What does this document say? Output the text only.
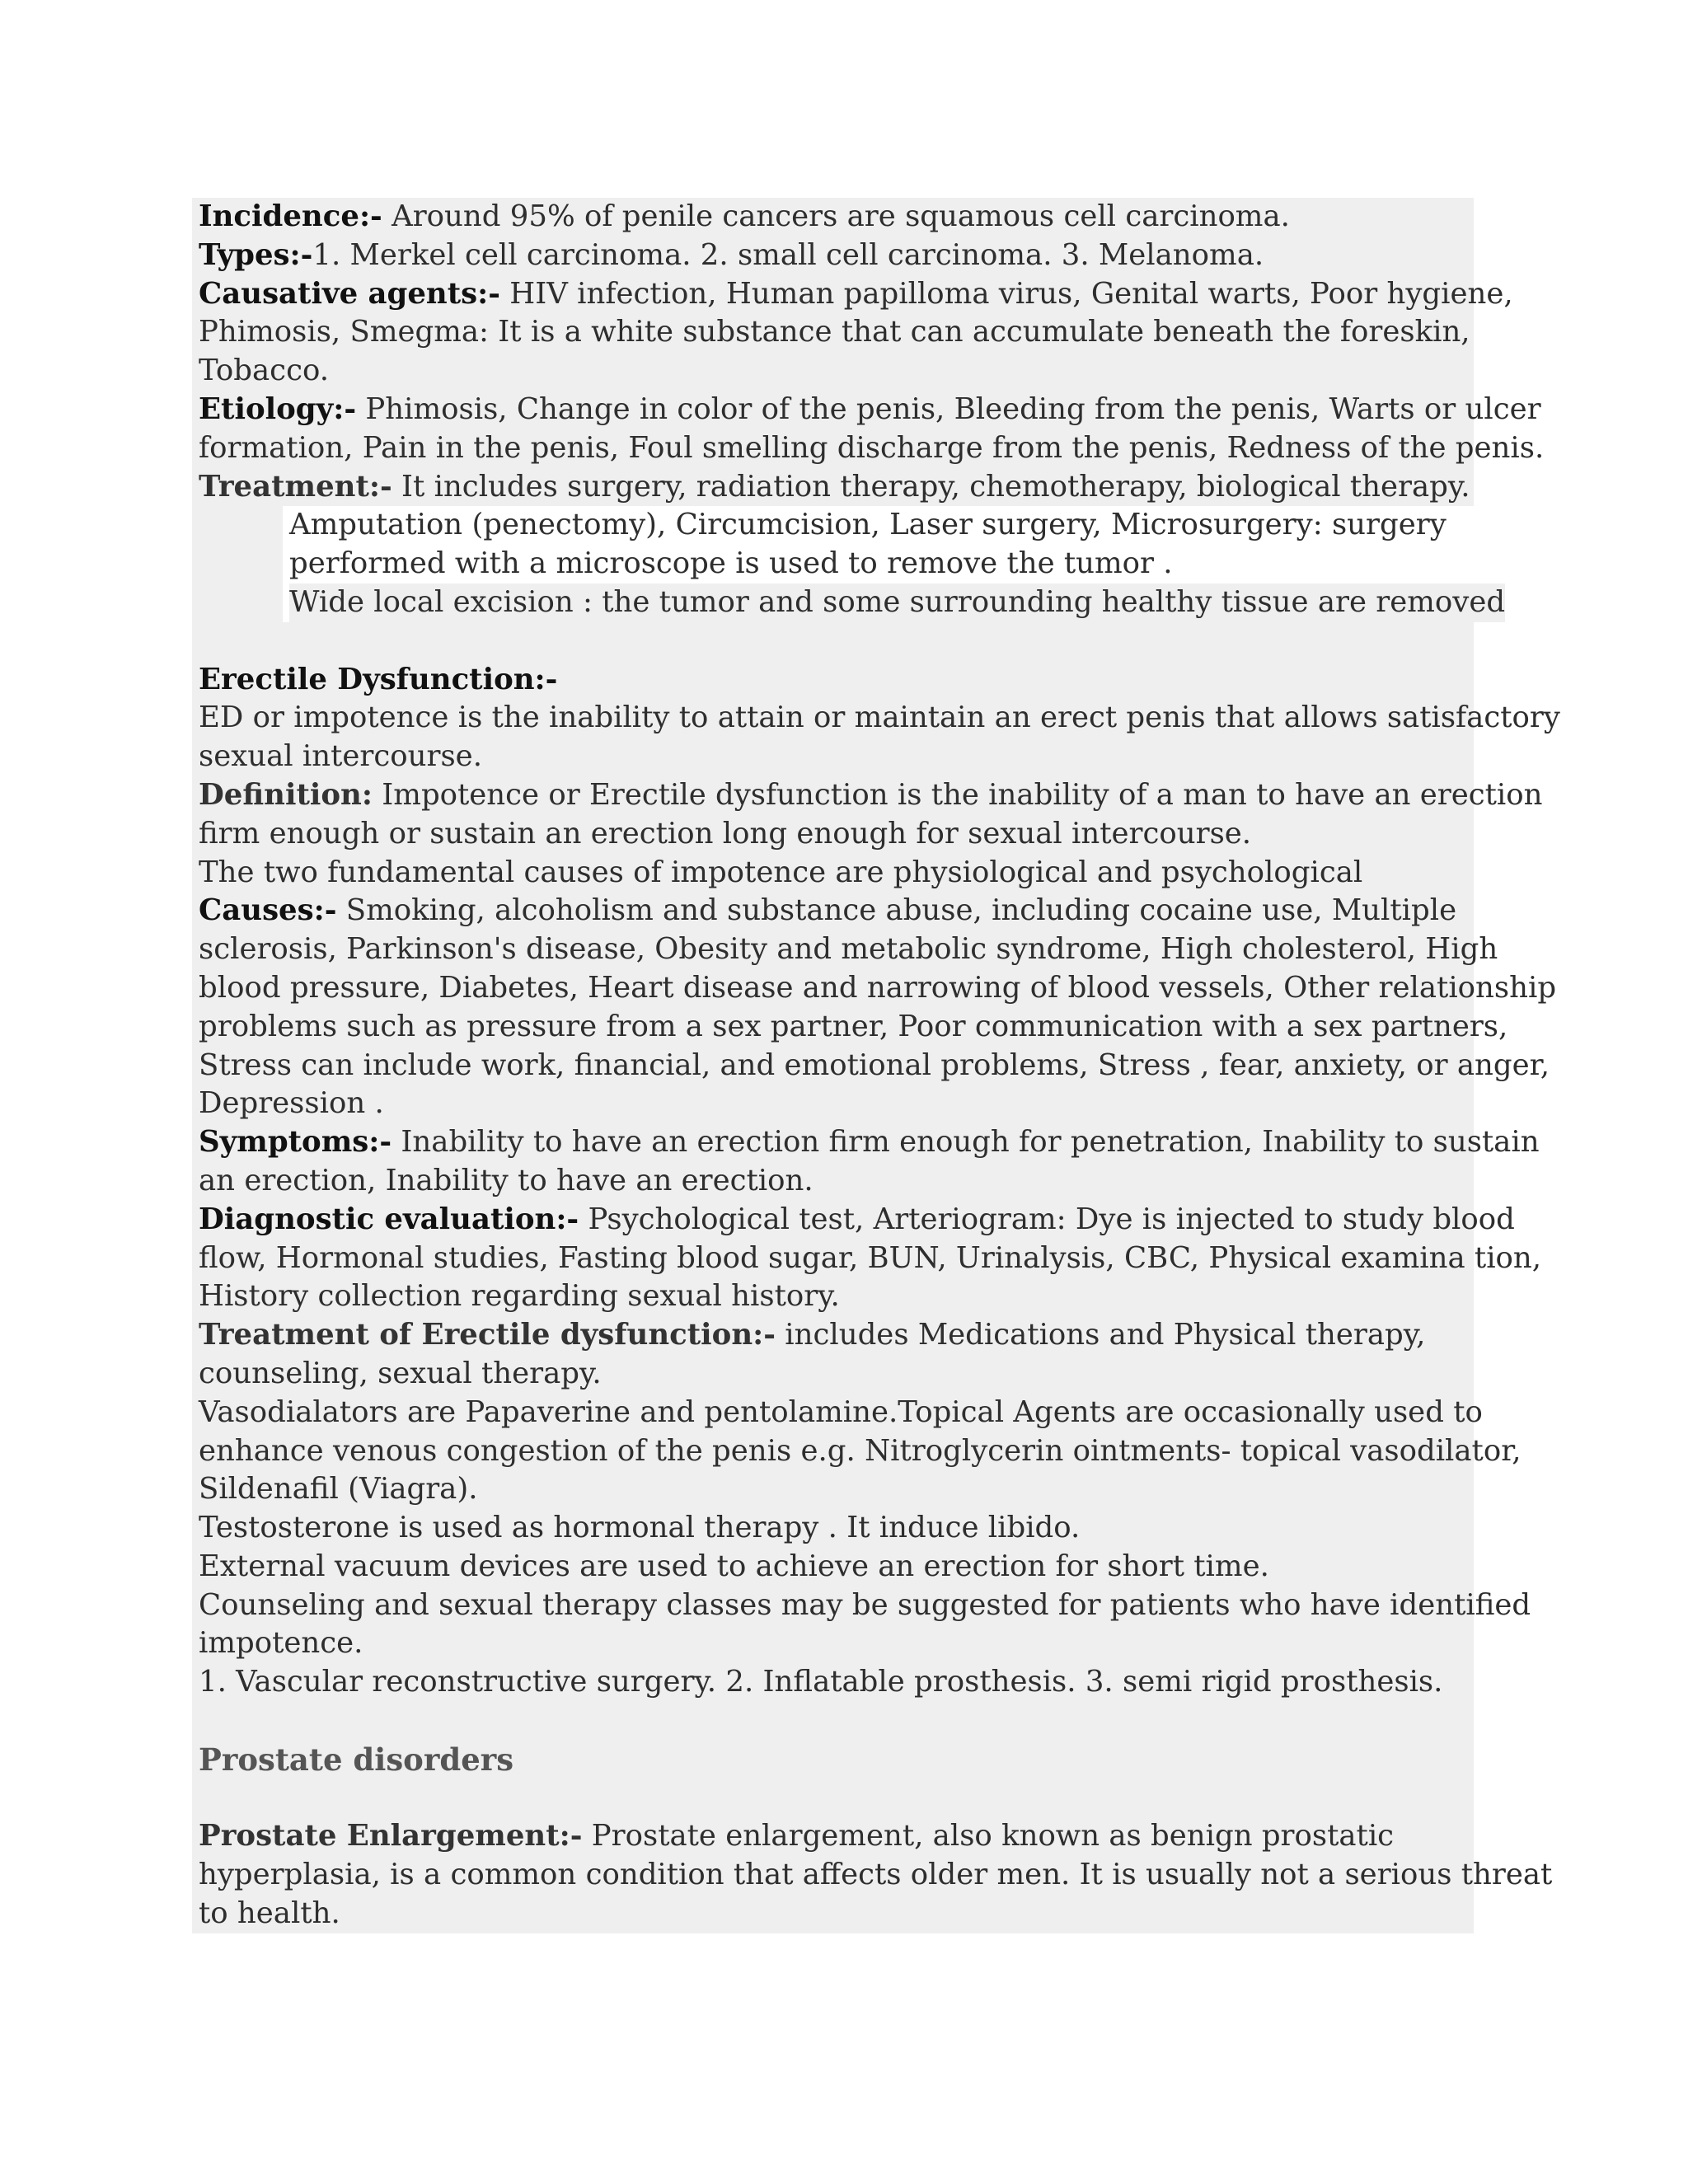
Incidence:- Around 95% of penile cancers are squamous cell carcinoma.
Types:-1. Merkel cell carcinoma. 2. small cell carcinoma. 3. Melanoma.
Causative agents:- HIV infection, Human papilloma virus, Genital warts, Poor hygiene,
Phimosis, Smegma: It is a white substance that can accumulate beneath the foreskin,
Tobacco.
Etiology:- Phimosis, Change in color of the penis, Bleeding from the penis, Warts or ulcer
formation, Pain in the penis, Foul smelling discharge from the penis, Redness of the penis.
Treatment:- It includes surgery, radiation therapy, chemotherapy, biological therapy.
Amputation (penectomy), Circumcision, Laser surgery, Microsurgery: surgery
performed with a microscope is used to remove the tumor .
Wide local excision : the tumor and some surrounding healthy tissue are removed
Erectile Dysfunction:-
ED or impotence is the inability to attain or maintain an erect penis that allows satisfactory
sexual intercourse.
Definition: Impotence or Erectile dysfunction is the inability of a man to have an erection
firm enough or sustain an erection long enough for sexual intercourse.
The two fundamental causes of impotence are physiological and psychological
Causes:- Smoking, alcoholism and substance abuse, including cocaine use, Multiple
sclerosis, Parkinson's disease, Obesity and metabolic syndrome, High cholesterol, High
blood pressure, Diabetes, Heart disease and narrowing of blood vessels, Other relationship
problems such as pressure from a sex partner, Poor communication with a sex partners,
Stress can include work, financial, and emotional problems, Stress , fear, anxiety, or anger,
Depression .
Symptoms:- Inability to have an erection firm enough for penetration, Inability to sustain
an erection, Inability to have an erection.
Diagnostic evaluation:- Psychological test, Arteriogram: Dye is injected to study blood
flow, Hormonal studies, Fasting blood sugar, BUN, Urinalysis, CBC, Physical examina tion,
History collection regarding sexual history.
Treatment of Erectile dysfunction:- includes Medications and Physical therapy,
counseling, sexual therapy.
Vasodialators are Papaverine and pentolamine.Topical Agents are occasionally used to
enhance venous congestion of the penis e.g. Nitroglycerin ointments- topical vasodilator,
Sildenafil (Viagra).
Testosterone is used as hormonal therapy . It induce libido.
External vacuum devices are used to achieve an erection for short time.
Counseling and sexual therapy classes may be suggested for patients who have identified
impotence.
1. Vascular reconstructive surgery. 2. Inflatable prosthesis. 3. semi rigid prosthesis.

Prostate disorders

Prostate Enlargement:- Prostate enlargement, also known as benign prostatic
hyperplasia, is a common condition that affects older men. It is usually not a serious threat
to health.
